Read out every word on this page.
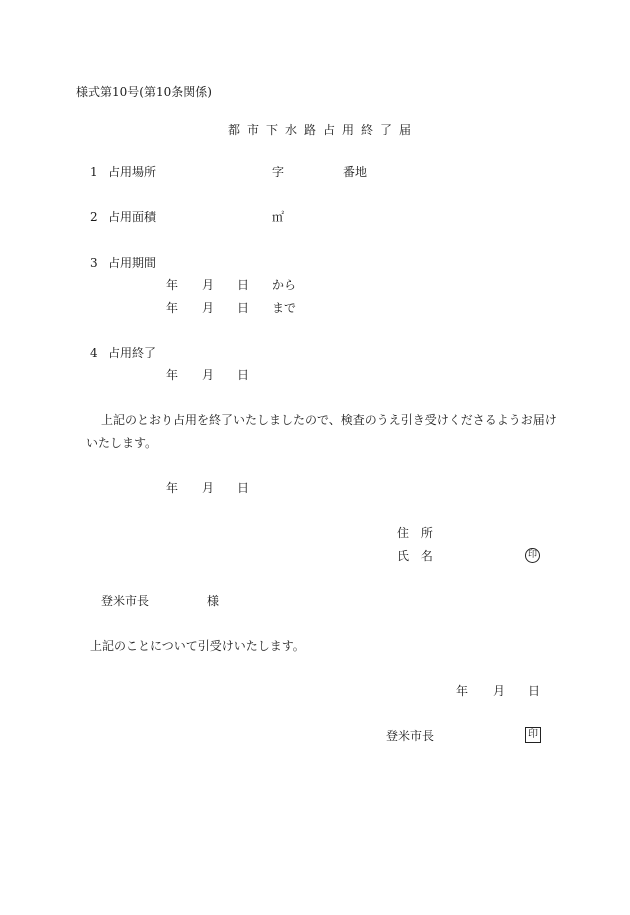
様式第10号(第10条関係)
都市下水路占用終了届
1 占用場所	字	番地
2 占用面積	㎡
3 占用期間
年 月 日 から
年 月 日 まで
4 占用終了
年 月 日
上記のとおり占用を終了いたしましたので、検査のうえ引き受けくださるようお届け
いたします。
年 月 日
住 所
氏 名	印
登米市長	様
上記のことについて引受けいたします。
年 月 日
登米市長	印
